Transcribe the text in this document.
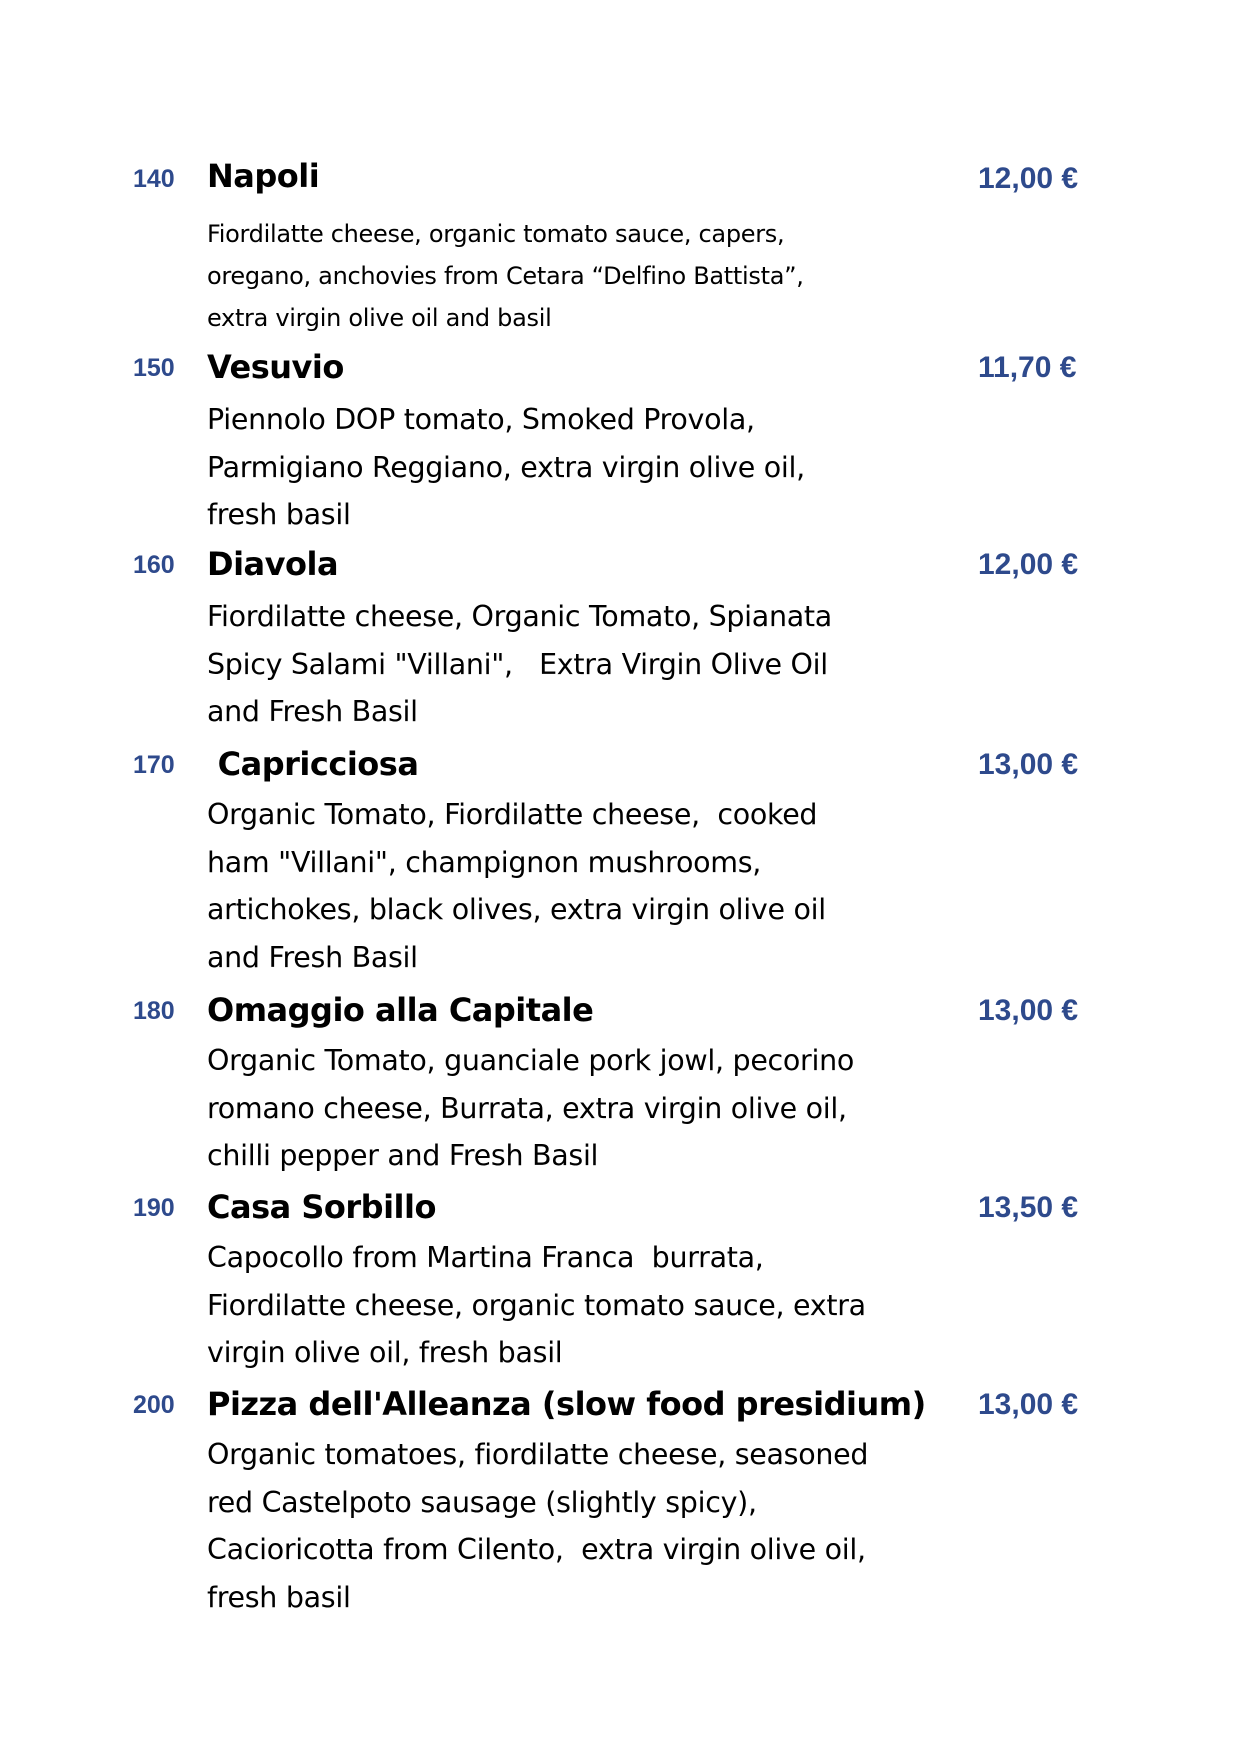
140	Napoli	12,00 €
Fiordilatte cheese, organic tomato sauce, capers,
oregano, anchovies from Cetara “Delfino Battista”,
extra virgin olive oil and basil
150	Vesuvio	11,70 €
Piennolo DOP tomato, Smoked Provola,
Parmigiano Reggiano, extra virgin olive oil,
fresh basil
160	Diavola	12,00 €
Fiordilatte cheese, Organic Tomato, Spianata
Spicy Salami "Villani",   Extra Virgin Olive Oil
and Fresh Basil
170	Capricciosa	13,00 €
Organic Tomato, Fiordilatte cheese,  cooked
ham "Villani", champignon mushrooms,
artichokes, black olives, extra virgin olive oil
and Fresh Basil
180	Omaggio alla Capitale	13,00 €
Organic Tomato, guanciale pork jowl, pecorino
romano cheese, Burrata, extra virgin olive oil,
chilli pepper and Fresh Basil
190	Casa Sorbillo	13,50 €
Capocollo from Martina Franca  burrata,
Fiordilatte cheese, organic tomato sauce, extra
virgin olive oil, fresh basil
200	Pizza dell'Alleanza (slow food presidium) 13,00 €
Organic tomatoes, fiordilatte cheese, seasoned
red Castelpoto sausage (slightly spicy),
Cacioricotta from Cilento,  extra virgin olive oil,
fresh basil
